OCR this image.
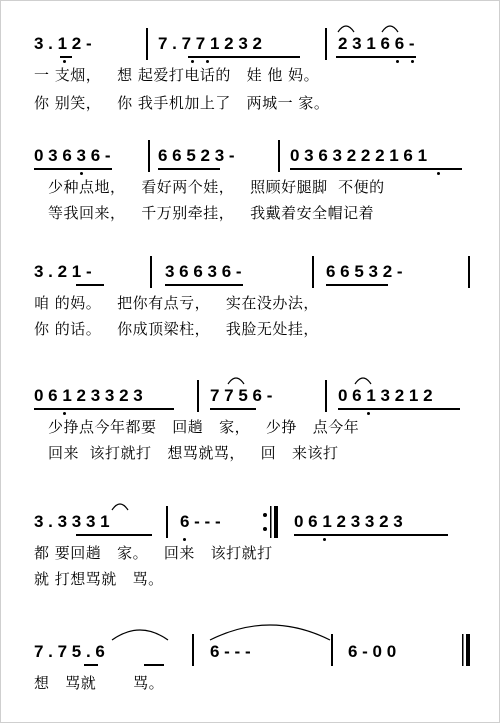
3 . 1 2 -	7 . 7 7 1 2 3 2	2 3 1 6 6 -
一 支烟，   想 起爱打电话的   娃 他 妈。
你 别笑，   你 我手机加上了   两城一 家。
0 3 6 3 6 -	6 6 5 2 3 -	0 3 6 3 2 2 2 1 6 1
少种点地，   看好两个娃，   照顾好腿脚  不便的
等我回来，   千万别牵挂，   我戴着安全帽记着
3 . 2 1 -	3 6 6 3 6 -	6 6 5 3 2 -
咱 的妈。   把你有点亏，   实在没办法，
你 的话。   你成顶梁柱，   我脸无处挂，
0 6 1 2 3 3 2 3	7 7 5 6 -	0 6 1 3 2 1 2
少挣点今年都要   回趟   家，   少挣   点今年
回来  该打就打   想骂就骂，   回   来该打
3 . 3 3 3 1	6 - - -	0 6 1 2 3 3 2 3
都 要回趟   家。   回来   该打就打
就 打想骂就   骂。
7 . 7 5 . 6	6 - - -	6 - 0 0
想   骂就       骂。
